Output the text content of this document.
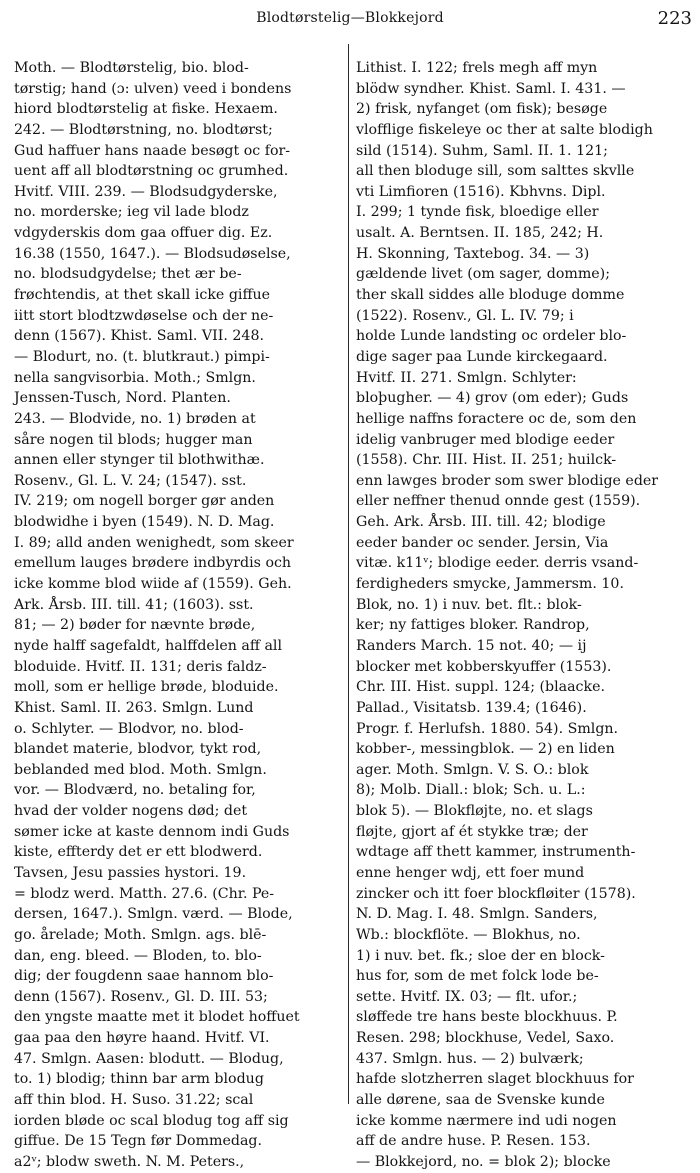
Blodtørstelig—Blokkejord	223
Moth. — Blodtørstelig, bio. blod-
tørstig; hand (ɔ: ulven) veed i bondens
hiord blodtørstelig at fiske. Hexaem.
242. — Blodtørstning, no. blodtørst;
Gud haffuer hans naade besøgt oc for-
uent aff all blodtørstning oc grumhed.
Hvitf. VIII. 239. — Blodsudgyderske,
no. morderske; ieg vil lade blodz
vdgyderskis dom gaa offuer dig. Ez.
16.38 (1550, 1647.). — Blodsudøselse,
no. blodsudgydelse; thet ær be-
frøchtendis, at thet skall icke giffue
iitt stort blodtzwdøselse och der ne-
denn (1567). Khist. Saml. VII. 248.
— Blodurt, no. (t. blutkraut.) pimpi-
nella sangvisorbia. Moth.; Smlgn.
Jenssen-Tusch, Nord. Planten.
243. — Blodvide, no. 1) brøden at
såre nogen til blods; hugger man
annen eller stynger til blothwithæ.
Rosenv., Gl. L. V. 24; (1547). sst.
IV. 219; om nogell borger gør anden
blodwidhe i byen (1549). N. D. Mag.
I. 89; alld anden wenighedt, som skeer
emellum lauges brødere indbyrdis och
icke komme blod wiide af (1559). Geh.
Ark. Årsb. III. till. 41; (1603). sst.
81; — 2) bøder for nævnte brøde,
nyde halff sagefaldt, halffdelen aff all
bloduide. Hvitf. II. 131; deris faldz-
moll, som er hellige brøde, bloduide.
Khist. Saml. II. 263. Smlgn. Lund
o. Schlyter. — Blodvor, no. blod-
blandet materie, blodvor, tykt rod,
beblanded med blod. Moth. Smlgn.
vor. — Blodværd, no. betaling for,
hvad der volder nogens død; det
sømer icke at kaste dennom indi Guds
kiste, effterdy det er ett blodwerd.
Tavsen, Jesu passies hystori. 19.
= blodz werd. Matth. 27.6. (Chr. Pe-
dersen, 1647.). Smlgn. værd. — Blode,
go. årelade; Moth. Smlgn. ags. blē-
dan, eng. bleed. — Bloden, to. blo-
dig; der fougdenn saae hannom blo-
denn (1567). Rosenv., Gl. D. III. 53;
den yngste maatte met it blodet hoffuet
gaa paa den høyre haand. Hvitf. VI.
47. Smlgn. Aasen: blodutt. — Blodug,
to. 1) blodig; thinn bar arm blodug
aff thin blod. H. Suso. 31.22; scal
iorden bløde oc scal blodug tog aff sig
giffue. De 15 Tegn før Dommedag.
a2ᵛ; blodw sweth. N. M. Peters.,
Lithist. I. 122; frels megh aff myn
blödw syndher. Khist. Saml. I. 431. —
2) frisk, nyfanget (om fisk); besøge
vlofflige fiskeleye oc ther at salte blodigh
sild (1514). Suhm, Saml. II. 1. 121;
all then bloduge sill, som salttes skvlle
vti Limfioren (1516). Kbhvns. Dipl.
I. 299; 1 tynde fisk, bloedige eller
usalt. A. Berntsen. II. 185, 242; H.
H. Skonning, Taxtebog. 34. — 3)
gældende livet (om sager, domme);
ther skall siddes alle bloduge domme
(1522). Rosenv., Gl. L. IV. 79; i
holde Lunde landsting oc ordeler blo-
dige sager paa Lunde kirckegaard.
Hvitf. II. 271. Smlgn. Schlyter:
bloþugher. — 4) grov (om eder); Guds
hellige naffns foractere oc de, som den
idelig vanbruger med blodige eeder
(1558). Chr. III. Hist. II. 251; huilck-
enn lawges broder som swer blodige eder
eller neffner thenud onnde gest (1559).
Geh. Ark. Årsb. III. till. 42; blodige
eeder bander oc sender. Jersin, Via
vitæ. k11ᵛ; blodige eeder. derris vsand-
ferdigheders smycke, Jammersm. 10.
Blok, no. 1) i nuv. bet. flt.: blok-
ker; ny fattiges bloker. Randrop,
Randers March. 15 not. 40; — ij
blocker met kobberskyuffer (1553).
Chr. III. Hist. suppl. 124; (blaacke.
Pallad., Visitatsb. 139.4; (1646).
Progr. f. Herlufsh. 1880. 54). Smlgn.
kobber-, messingblok. — 2) en liden
ager. Moth. Smlgn. V. S. O.: blok
8); Molb. Diall.: blok; Sch. u. L.:
blok 5). — Blokfløjte, no. et slags
fløjte, gjort af ét stykke træ; der
wdtage aff thett kammer, instrumenth-
enne henger wdj, ett foer mund
zincker och itt foer blockfløiter (1578).
N. D. Mag. I. 48. Smlgn. Sanders,
Wb.: blockflöte. — Blokhus, no.
1) i nuv. bet. fk.; sloe der en block-
hus for, som de met folck lode be-
sette. Hvitf. IX. 03; — flt. ufor.;
sløffede tre hans beste blockhuus. P.
Resen. 298; blockhuse, Vedel, Saxo.
437. Smlgn. hus. — 2) bulværk;
hafde slotzherren slaget blockhuus for
alle dørene, saa de Svenske kunde
icke komme nærmere ind udi nogen
aff de andre huse. P. Resen. 153.
— Blokkejord, no. = blok 2); blocke
